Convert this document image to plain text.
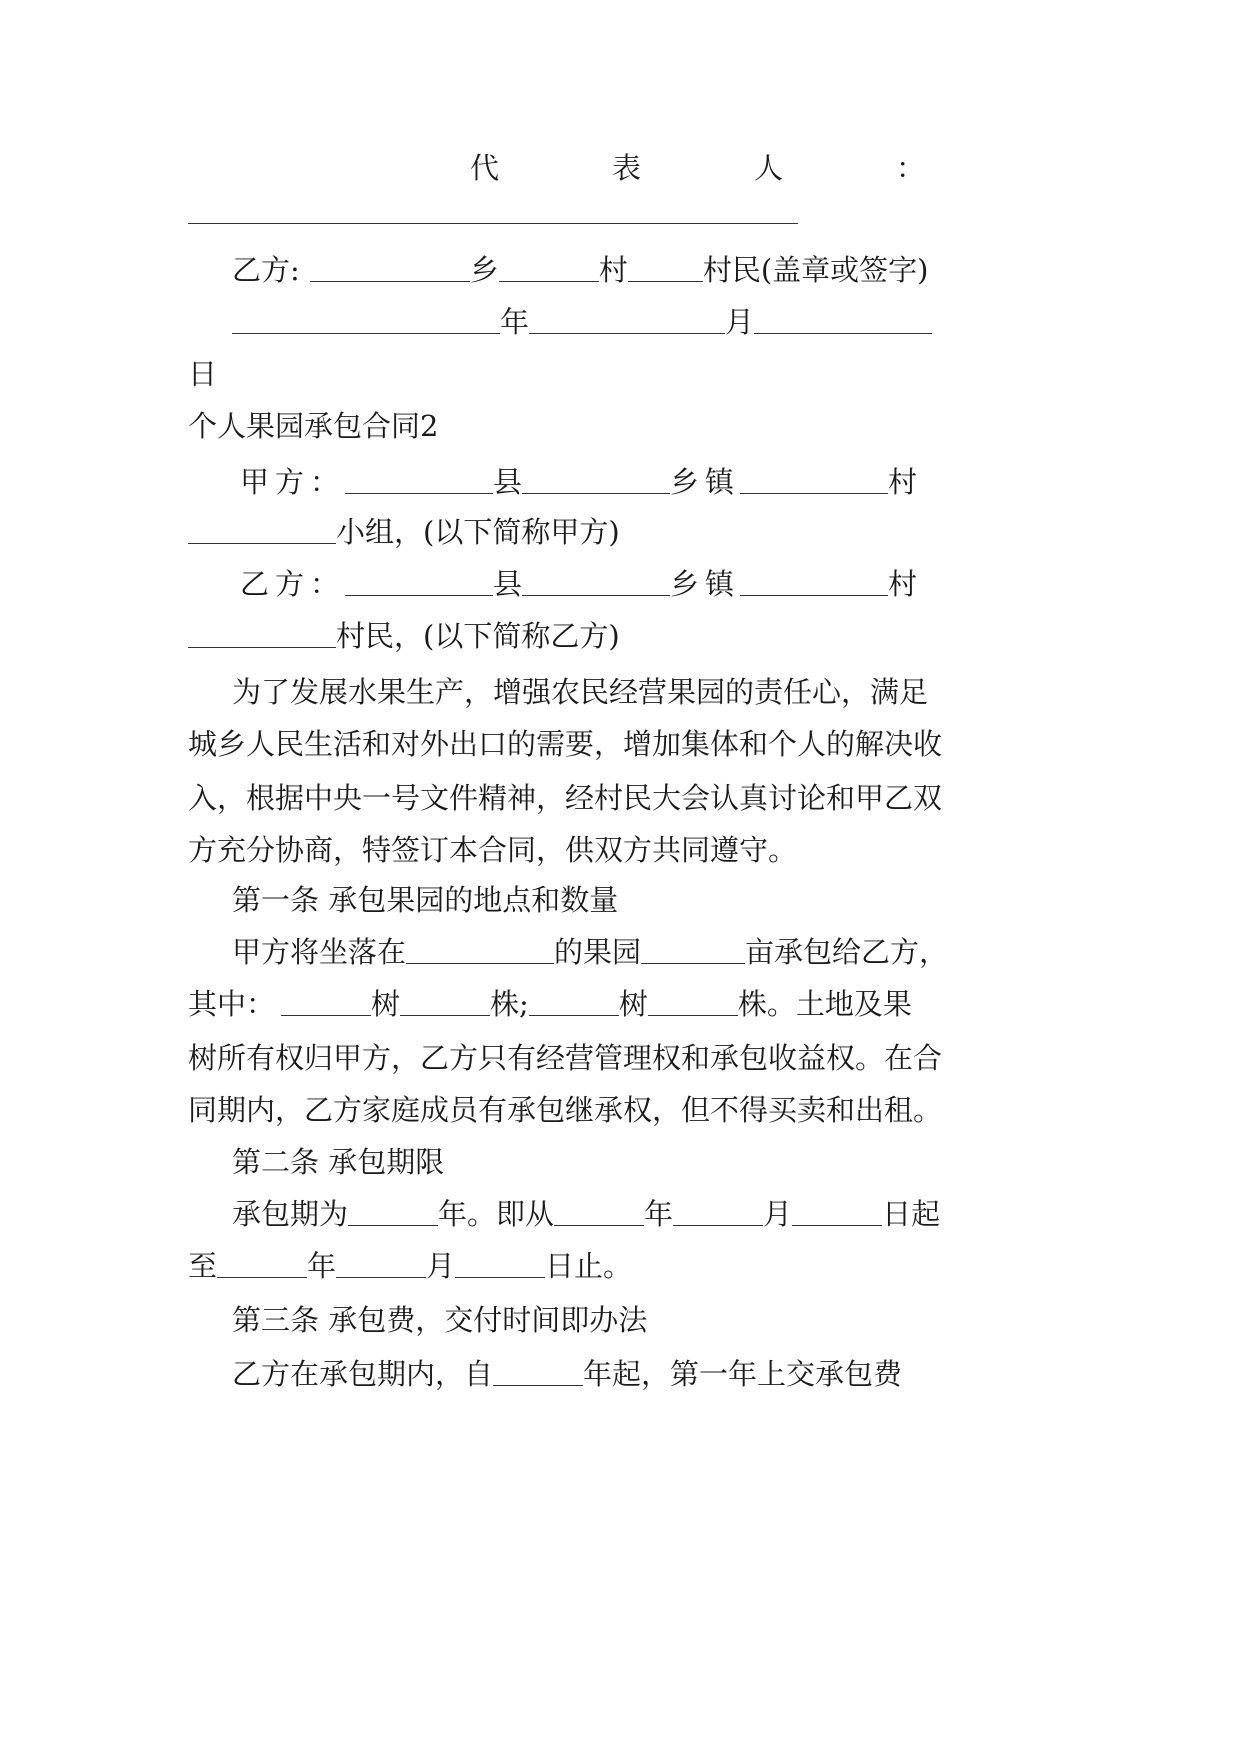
代	表	人	：
乙方:	乡	村	村民(盖章或签字)
年	月
日
个人果园承包合同2
甲方：	县	乡镇	村
小组，(以下简称甲方)
乙方：	县	乡镇	村
村民，(以下简称乙方)
为了发展水果生产，增强农民经营果园的责任心，满足
城乡人民生活和对外出口的需要，增加集体和个人的解决收
入，根据中央一号文件精神，经村民大会认真讨论和甲乙双
方充分协商，特签订本合同，供双方共同遵守。
第一条 承包果园的地点和数量
甲方将坐落在	的果园	亩承包给乙方，
其中：	树	株;	树	株。土地及果
树所有权归甲方，乙方只有经营管理权和承包收益权。在合
同期内，乙方家庭成员有承包继承权，但不得买卖和出租。
第二条 承包期限
承包期为	年。即从	年	月	日起
至	年	月	日止。
第三条 承包费，交付时间即办法
乙方在承包期内，自	年起，第一年上交承包费
